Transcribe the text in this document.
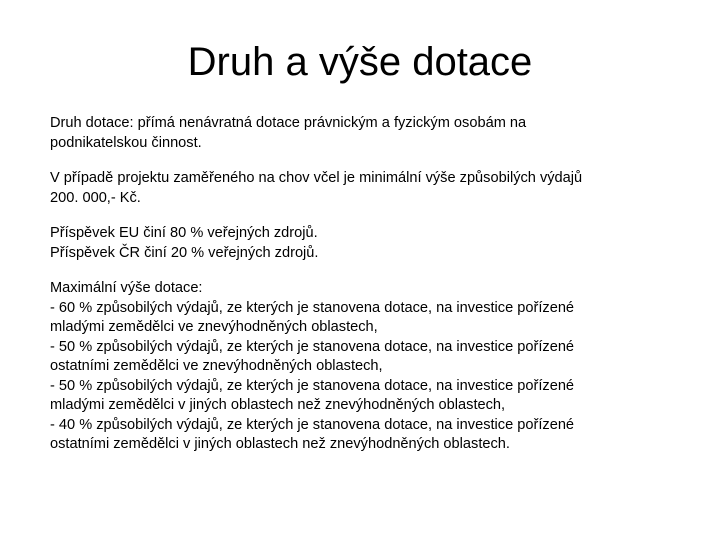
Druh a výše dotace

Druh dotace: přímá nenávratná dotace právnickým a fyzickým osobám na
podnikatelskou činnost.

V případě projektu zaměřeného na chov včel je minimální výše způsobilých výdajů
200. 000,- Kč.

Příspěvek EU činí 80 % veřejných zdrojů.
Příspěvek ČR činí 20 % veřejných zdrojů.

Maximální výše dotace:
- 60 % způsobilých výdajů, ze kterých je stanovena dotace, na investice pořízené
mladými zemědělci ve znevýhodněných oblastech,
- 50 % způsobilých výdajů, ze kterých je stanovena dotace, na investice pořízené
ostatními zemědělci ve znevýhodněných oblastech,
- 50 % způsobilých výdajů, ze kterých je stanovena dotace, na investice pořízené
mladými zemědělci v jiných oblastech než znevýhodněných oblastech,
- 40 % způsobilých výdajů, ze kterých je stanovena dotace, na investice pořízené
ostatními zemědělci v jiných oblastech než znevýhodněných oblastech.
